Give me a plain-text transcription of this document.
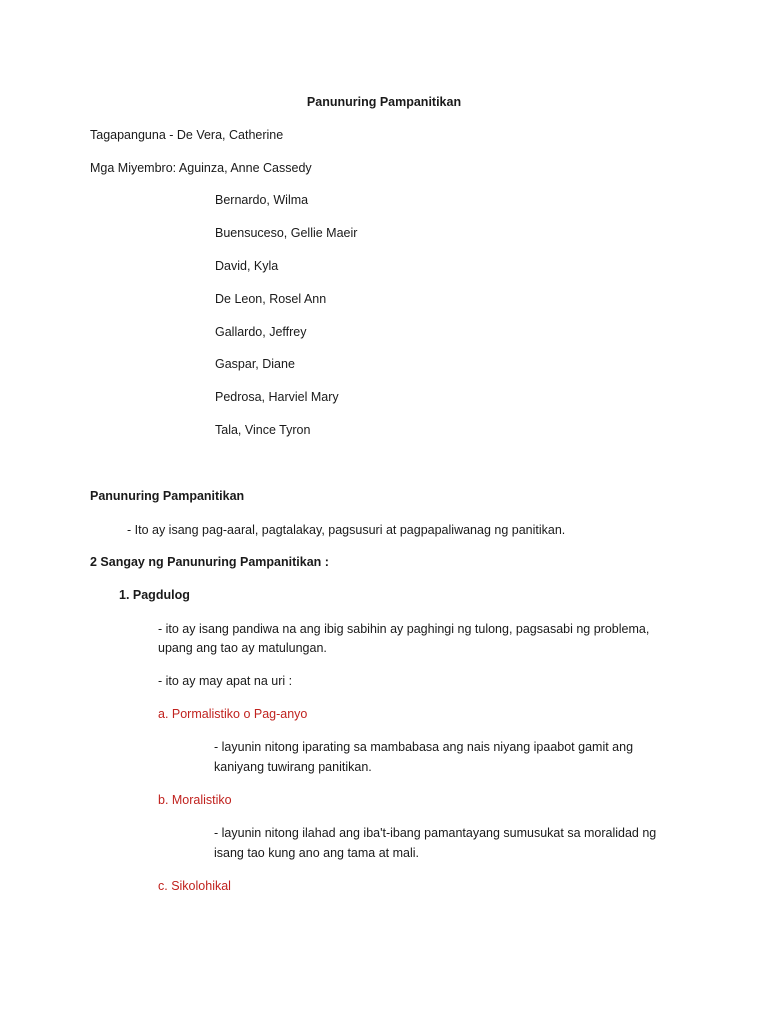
Panunuring Pampanitikan
Tagapanguna - De Vera, Catherine
Mga Miyembro: Aguinza, Anne Cassedy
Bernardo, Wilma
Buensuceso, Gellie Maeir
David, Kyla
De Leon, Rosel Ann
Gallardo, Jeffrey
Gaspar, Diane
Pedrosa, Harviel Mary
Tala, Vince Tyron
Panunuring Pampanitikan
- Ito ay isang pag-aaral, pagtalakay, pagsusuri at pagpapaliwanag ng panitikan.
2 Sangay ng Panunuring Pampanitikan :
1. Pagdulog
- ito ay isang pandiwa na ang ibig sabihin ay paghingi ng tulong, pagsasabi ng problema,
upang ang tao ay matulungan.
- ito ay may apat na uri :
a. Pormalistiko o Pag-anyo
- layunin nitong iparating sa mambabasa ang nais niyang ipaabot gamit ang
kaniyang tuwirang panitikan.
b. Moralistiko
- layunin nitong ilahad ang iba't-ibang pamantayang sumusukat sa moralidad ng
isang tao kung ano ang tama at mali.
c. Sikolohikal
